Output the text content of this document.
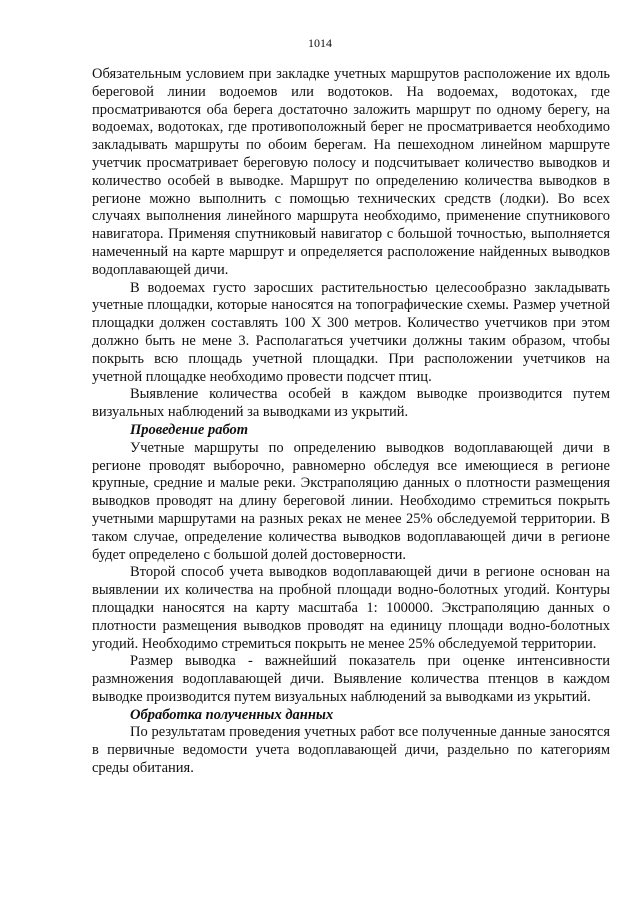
1014

Обязательным условием при закладке учетных маршрутов расположение их вдоль береговой линии водоемов или водотоков. На водоемах, водотоках, где просматриваются оба берега достаточно заложить маршрут по одному берегу, на водоемах, водотоках, где противоположный берег не просматривается необходимо закладывать маршруты по обоим берегам. На пешеходном линейном маршруте учетчик просматривает береговую полосу и подсчитывает количество выводков и количество особей в выводке. Маршрут по определению количества выводков в регионе можно выполнить с помощью технических средств (лодки). Во всех случаях выполнения линейного маршрута необходимо, применение спутникового навигатора. Применяя спутниковый навигатор с большой точностью, выполняется намеченный на карте маршрут и определяется расположение найденных выводков водоплавающей дичи.

В водоемах густо заросших растительностью целесообразно закладывать учетные площадки, которые наносятся на топографические схемы. Размер учетной площадки должен составлять 100 Х 300 метров. Количество учетчиков при этом должно быть не мене 3. Располагаться учетчики должны таким образом, чтобы покрыть всю площадь учетной площадки. При расположении учетчиков на учетной площадке необходимо провести подсчет птиц.

Выявление количества особей в каждом выводке производится путем визуальных наблюдений за выводками из укрытий.

Проведение работ

Учетные маршруты по определению выводков водоплавающей дичи в регионе проводят выборочно, равномерно обследуя все имеющиеся в регионе крупные, средние и малые реки. Экстраполяцию данных о плотности размещения выводков проводят на длину береговой линии. Необходимо стремиться покрыть учетными маршрутами на разных реках не менее 25% обследуемой территории. В таком случае, определение количества выводков водоплавающей дичи в регионе будет определено с большой долей достоверности.

Второй способ учета выводков водоплавающей дичи в регионе основан на выявлении их количества на пробной площади водно-болотных угодий. Контуры площадки наносятся на карту масштаба 1: 100000. Экстраполяцию данных о плотности размещения выводков проводят на единицу площади водно-болотных угодий. Необходимо стремиться покрыть не менее 25% обследуемой территории.

Размер выводка - важнейший показатель при оценке интенсивности размножения водоплавающей дичи. Выявление количества птенцов в каждом выводке производится путем визуальных наблюдений за выводками из укрытий.

Обработка полученных данных

По результатам проведения учетных работ все полученные данные заносятся в первичные ведомости учета водоплавающей дичи, раздельно по категориям среды обитания.
